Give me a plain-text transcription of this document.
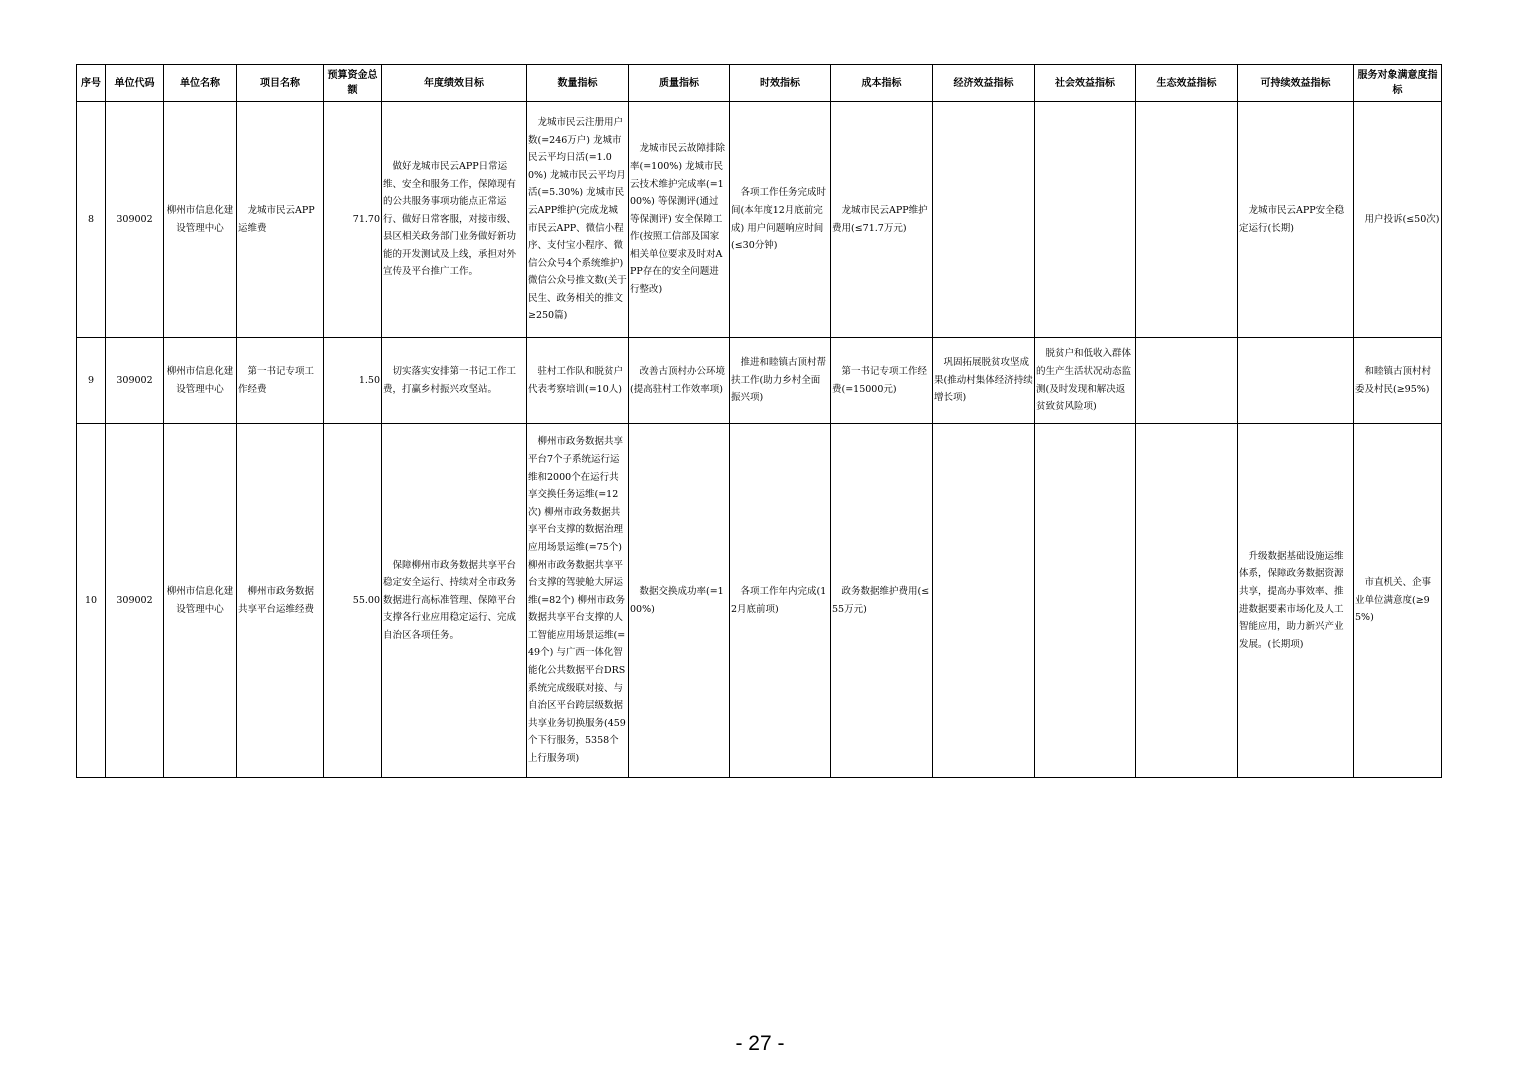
序号	单位代码	单位名称	项目名称	预算资金总额	年度绩效目标	数量指标	质量指标	时效指标	成本指标	经济效益指标	社会效益指标	生态效益指标	可持续效益指标	服务对象满意度指标
8	309002	柳州市信息化建设管理中心	龙城市民云APP运维费	71.70	做好龙城市民云APP日常运维、安全和服务工作，保障现有的公共服务事项功能点正常运行、做好日常客服，对接市级、县区相关政务部门业务做好新功能的开发测试及上线，承担对外宣传及平台推广工作。	龙城市民云注册用户数(=246万户) 龙城市民云平均日活(=1.00%) 龙城市民云平均月活(=5.30%) 龙城市民云APP维护(完成龙城市民云APP、微信小程序、支付宝小程序、微信公众号4个系统维护) 微信公众号推文数(关于民生、政务相关的推文≥250篇)	龙城市民云故障排除率(=100%) 龙城市民云技术维护完成率(=100%) 等保测评(通过等保测评) 安全保障工作(按照工信部及国家相关单位要求及时对APP存在的安全问题进行整改)	各项工作任务完成时间(本年度12月底前完成) 用户问题响应时间(≤30分钟)	龙城市民云APP维护费用(≤71.7万元)				龙城市民云APP安全稳定运行(长期)	用户投诉(≤50次)

9	309002	柳州市信息化建设管理中心	第一书记专项工作经费	1.50	切实落实安排第一书记工作工费，打赢乡村振兴攻坚站。	驻村工作队和脱贫户代表考察培训(=10人)	改善古顶村办公环境(提高驻村工作效率项)	推进和睦镇古顶村帮扶工作(助力乡村全面振兴项)	第一书记专项工作经费(=15000元)	巩固拓展脱贫攻坚成果(推动村集体经济持续增长项)	脱贫户和低收入群体的生产生活状况动态监测(及时发现和解决返贫致贫风险项)			和睦镇古顶村村委及村民(≥95%)

10	309002	柳州市信息化建设管理中心	柳州市政务数据共享平台运维经费	55.00	保障柳州市政务数据共享平台稳定安全运行、持续对全市政务数据进行高标准管理、保障平台支撑各行业应用稳定运行、完成自治区各项任务。	柳州市政务数据共享平台7个子系统运行运维和2000个在运行共享交换任务运维(=12次) 柳州市政务数据共享平台支撑的数据治理应用场景运维(=75个) 柳州市政务数据共享平台支撑的驾驶舱大屏运维(=82个) 柳州市政务数据共享平台支撑的人工智能应用场景运维(=49个) 与广西一体化智能化公共数据平台DRS系统完成级联对接、与自治区平台跨层级数据共享业务切换服务(459个下行服务，5358个上行服务项)	数据交换成功率(=100%)	各项工作年内完成(12月底前项)	政务数据维护费用(≤55万元)				升级数据基础设施运维体系，保障政务数据资源共享，提高办事效率、推进数据要素市场化及人工智能应用，助力新兴产业发展。(长期项)	市直机关、企事业单位满意度(≥95%)
- 27 -
